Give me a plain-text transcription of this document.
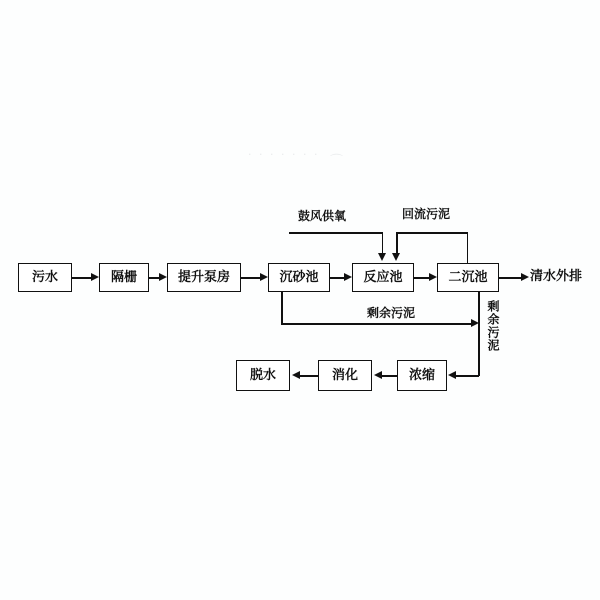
· · · · · · · ⌒
污水	隔栅	提升泵房	沉砂池	反应池	二沉池
浓缩
消化
脱水
鼓风供氧	回流污泥
剩余污泥	剩余污泥
清水外排
